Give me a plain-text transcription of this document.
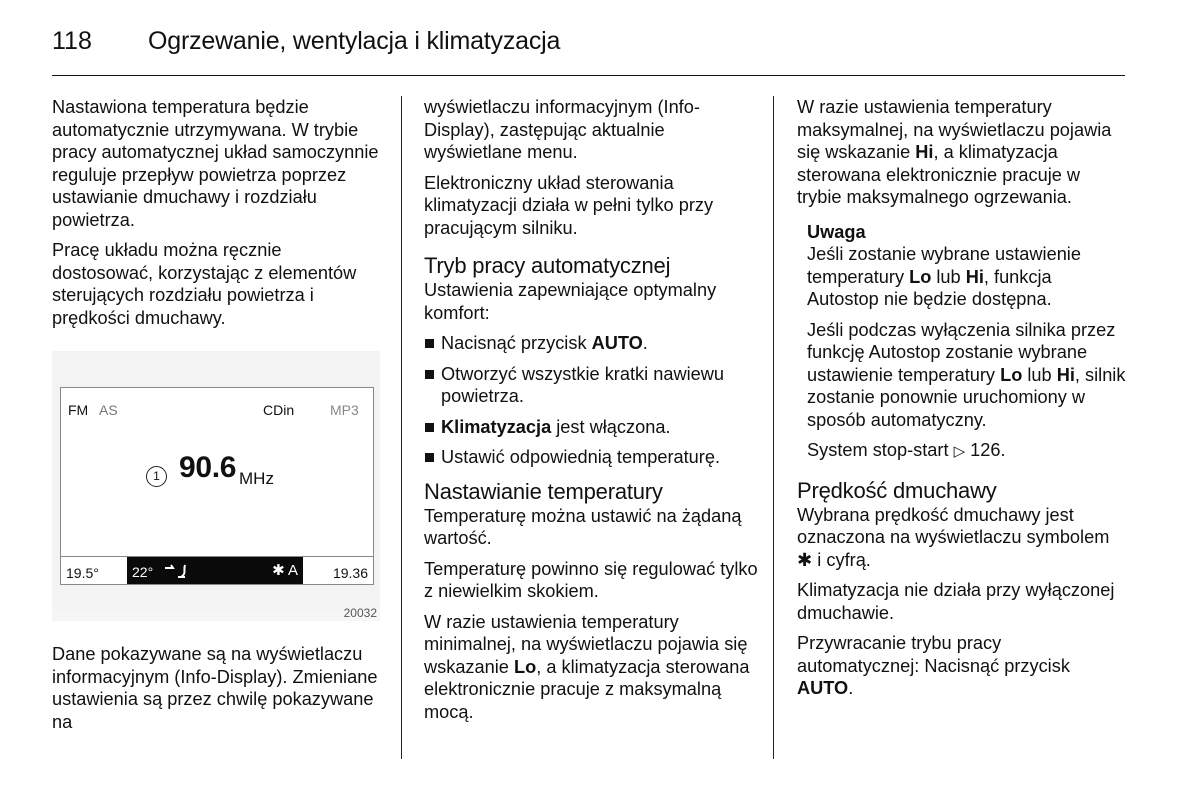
118 Ogrzewanie, wentylacja i klimatyzacja

Nastawiona temperatura będzie automatycznie utrzymywana. W trybie pracy automatycznej układ samoczynnie reguluje przepływ powietrza poprzez ustawianie dmuchawy i rozdziału powietrza.

Pracę układu można ręcznie dostosować, korzystając z elementów sterujących rozdziału powietrza i prędkości dmuchawy.

FM AS	CDin	MP3
1 90.6 MHz
19.5° 22°	✱ A 19.36
20032

Dane pokazywane są na wyświetlaczu informacyjnym (Info-Display). Zmieniane ustawienia są przez chwilę pokazywane na

wyświetlaczu informacyjnym (Info-Display), zastępując aktualnie wyświetlane menu.

Elektroniczny układ sterowania klimatyzacji działa w pełni tylko przy pracującym silniku.

Tryb pracy automatycznej

Ustawienia zapewniające optymalny komfort:

Nacisnąć przycisk AUTO.
Otworzyć wszystkie kratki nawiewu powietrza.
Klimatyzacja jest włączona.
Ustawić odpowiednią temperaturę.
Nastawianie temperatury

Temperaturę można ustawić na żądaną wartość.

Temperaturę powinno się regulować tylko z niewielkim skokiem.

W razie ustawienia temperatury minimalnej, na wyświetlaczu pojawia się wskazanie Lo, a klimatyzacja sterowana elektronicznie pracuje z maksymalną mocą.

W razie ustawienia temperatury maksymalnej, na wyświetlaczu pojawia się wskazanie Hi, a klimatyzacja sterowana elektronicznie pracuje w trybie maksymalnego ogrzewania.

Uwaga

Jeśli zostanie wybrane ustawienie temperatury Lo lub Hi, funkcja Autostop nie będzie dostępna.

Jeśli podczas wyłączenia silnika przez funkcję Autostop zostanie wybrane ustawienie temperatury Lo lub Hi, silnik zostanie ponownie uruchomiony w sposób automatyczny.

System stop-start ▷ 126.

Prędkość dmuchawy

Wybrana prędkość dmuchawy jest oznaczona na wyświetlaczu symbolem ✱ i cyfrą.

Klimatyzacja nie działa przy wyłączonej dmuchawie.

Przywracanie trybu pracy automatycznej: Nacisnąć przycisk AUTO.
